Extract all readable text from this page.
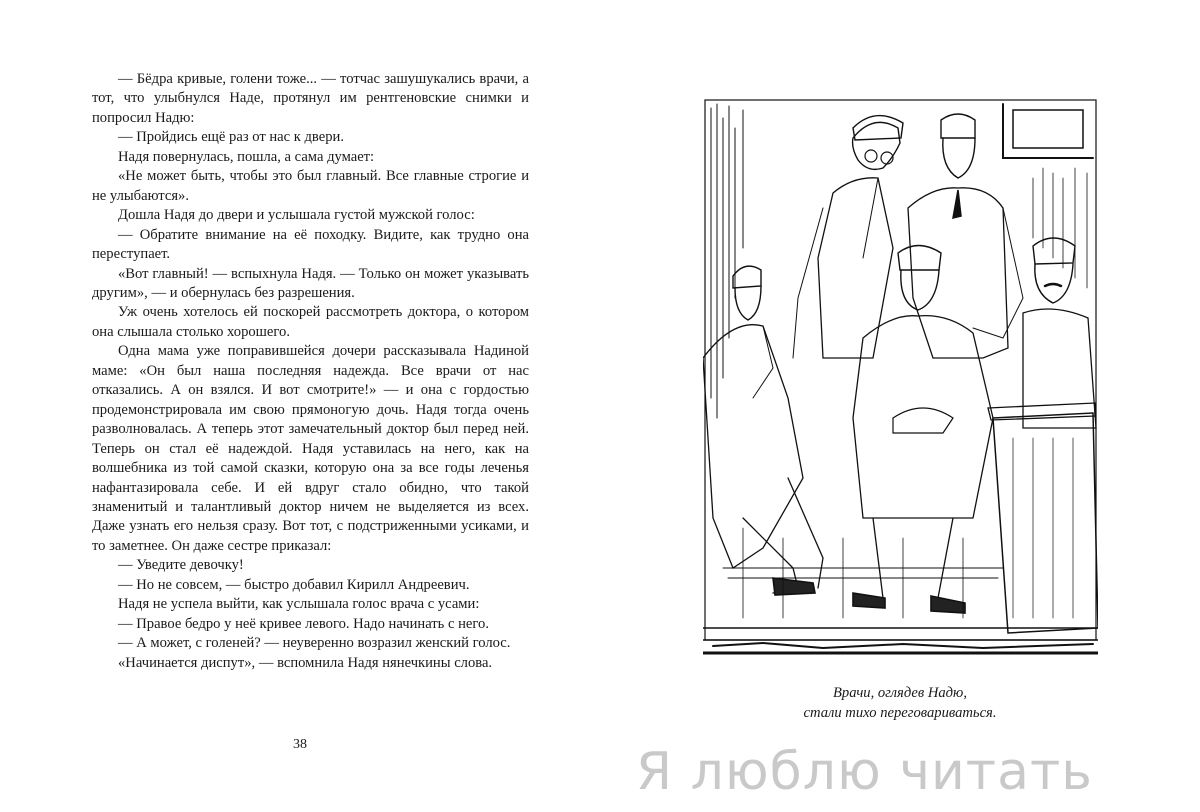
— Бёдра кривые, голени тоже... — тотчас зашушукались врачи, а тот, что улыбнулся Наде, протянул им рентгеновские снимки и попросил Надю:

— Пройдись ещё раз от нас к двери.

Надя повернулась, пошла, а сама думает:

«Не может быть, чтобы это был главный. Все главные строгие и не улыбаются».

Дошла Надя до двери и услышала густой мужской голос:

— Обратите внимание на её походку. Видите, как трудно она переступает.

«Вот главный! — вспыхнула Надя. — Только он может указывать другим», — и обернулась без разрешения.

Уж очень хотелось ей поскорей рассмотреть доктора, о котором она слышала столько хорошего.

Одна мама уже поправившейся дочери рассказывала Надиной маме: «Он был наша последняя надежда. Все врачи от нас отказались. А он взялся. И вот смотрите!» — и она с гордостью продемонстрировала им свою прямоногую дочь. Надя тогда очень разволновалась. А теперь этот замечательный доктор был перед ней. Теперь он стал её надеждой. Надя уставилась на него, как на волшебника из той самой сказки, которую она за все годы леченья нафантазировала себе. И ей вдруг стало обидно, что такой знаменитый и талантливый доктор ничем не выделяется из всех. Даже узнать его нельзя сразу. Вот тот, с подстриженными усиками, и то заметнее. Он даже сестре приказал:

— Уведите девочку!

— Но не совсем, — быстро добавил Кирилл Андреевич.

Надя не успела выйти, как услышала голос врача с усами:

— Правое бедро у неё кривее левого. Надо начинать с него.

— А может, с голеней? — неуверенно возразил женский голос.

«Начинается диспут», — вспомнила Надя нянечкины слова.

38
Врачи, оглядев Надю,
стали тихо переговариваться.
Я люблю читать
